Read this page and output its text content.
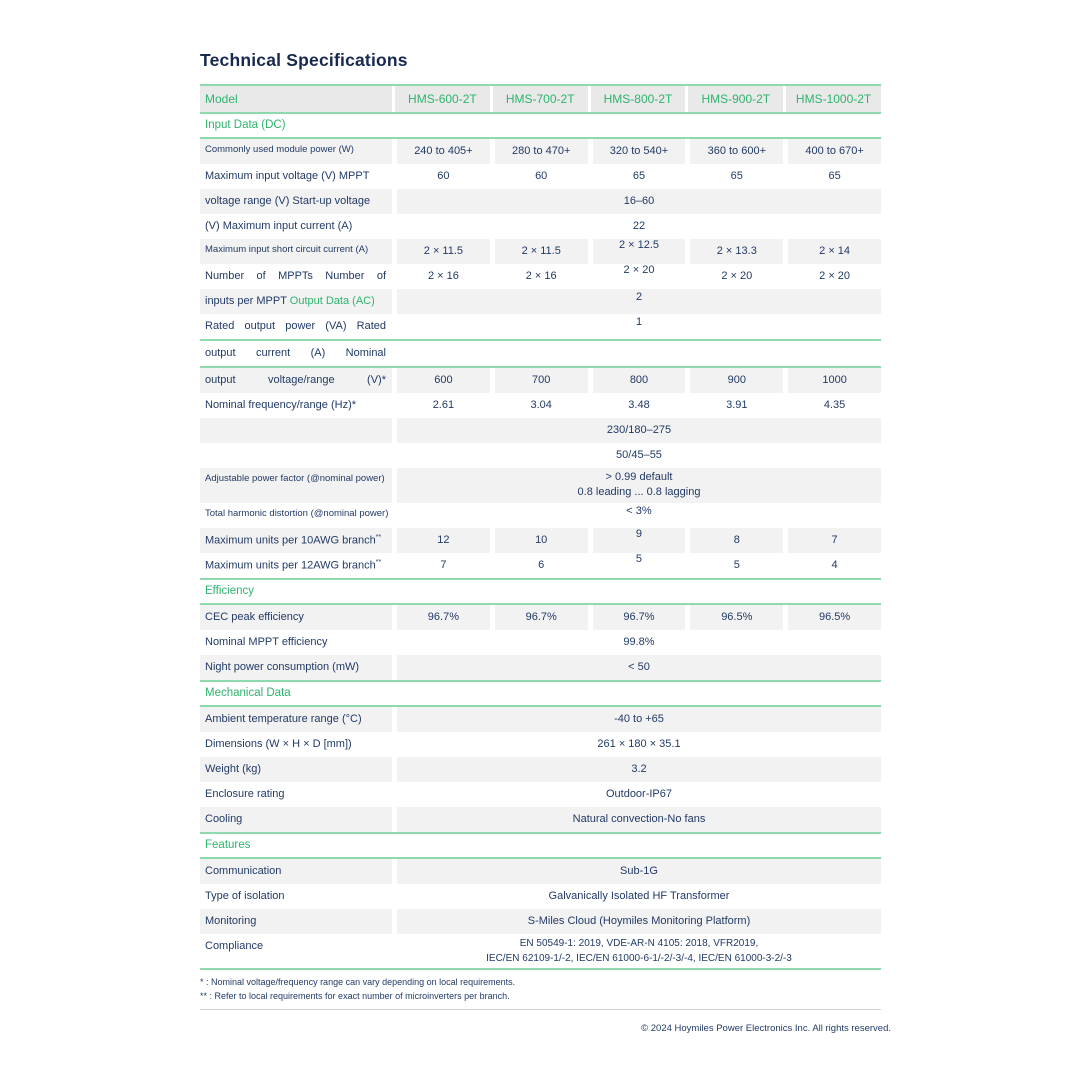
Technical Specifications
Model	HMS-600-2T	HMS-700-2T	HMS-800-2T	HMS-900-2T	HMS-1000-2T
Input Data (DC)
Commonly used module power (W)	240 to 405+	280 to 470+	320 to 540+	360 to 600+	400 to 670+
Maximum input voltage (V) MPPT	60	60	65	65	65
voltage range (V) Start-up voltage	16–60
(V) Maximum input current (A)	22
Maximum input short circuit current (A)	2 × 11.5	2 × 11.5	2 × 12.5	2 × 13.3	2 × 14
Number of MPPTs Number of	2 × 16	2 × 16	2 × 20	2 × 20	2 × 20
inputs per MPPT Output Data (AC)	2
Rated output power (VA) Rated	1
output current (A) Nominal
output voltage/range (V)*	600	700	800	900	1000
Nominal frequency/range (Hz)*	2.61	3.04	3.48	3.91	4.35
230/180–275
50/45–55
Adjustable power factor (@nominal power)	> 0.99 default
0.8 leading ... 0.8 lagging
Total harmonic distortion (@nominal power)	< 3%
Maximum units per 10AWG branch**	12	10	9	8	7
Maximum units per 12AWG branch**	7	6	5	5	4
Efficiency
CEC peak efficiency	96.7%	96.7%	96.7%	96.5%	96.5%
Nominal MPPT efficiency	99.8%
Night power consumption (mW)	< 50
Mechanical Data
Ambient temperature range (°C)	-40 to +65
Dimensions (W × H × D [mm])	261 × 180 × 35.1
Weight (kg)	3.2
Enclosure rating	Outdoor-IP67
Cooling	Natural convection-No fans
Features
Communication	Sub-1G
Type of isolation	Galvanically Isolated HF Transformer
Monitoring	S-Miles Cloud (Hoymiles Monitoring Platform)
Compliance	EN 50549-1: 2019, VDE-AR-N 4105: 2018, VFR2019,
IEC/EN 62109-1/-2, IEC/EN 61000-6-1/-2/-3/-4, IEC/EN 61000-3-2/-3
* : Nominal voltage/frequency range can vary depending on local requirements.
** : Refer to local requirements for exact number of microinverters per branch.
© 2024 Hoymiles Power Electronics Inc. All rights reserved.
